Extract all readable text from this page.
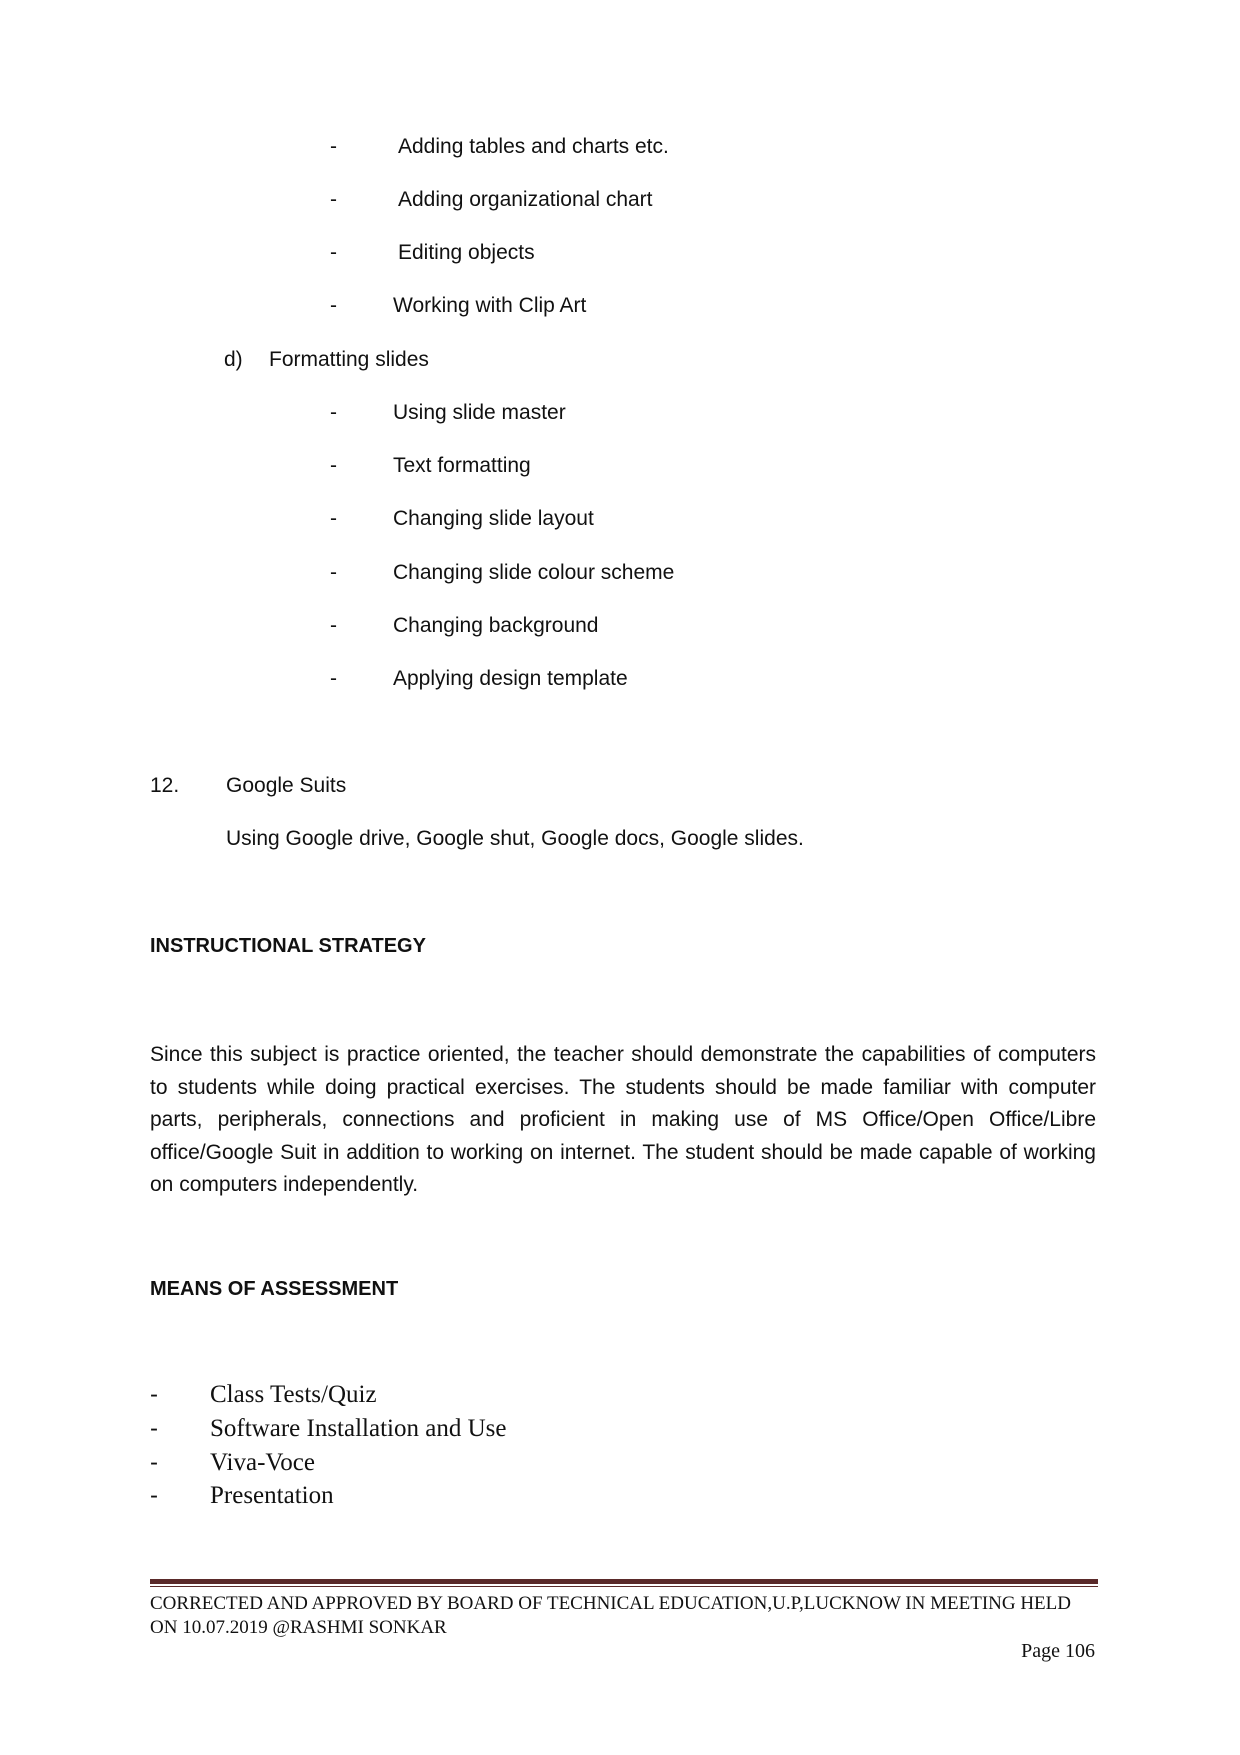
-	Adding tables and charts etc.
-	Adding organizational chart
-	Editing objects
-	Working with Clip Art
d) Formatting slides
-	Using slide master
-	Text formatting
-	Changing slide layout
-	Changing slide colour scheme
-	Changing background
-	Applying design template
12. Google Suits
Using Google drive, Google shut, Google docs, Google slides.
INSTRUCTIONAL STRATEGY
Since this subject is practice oriented, the teacher should demonstrate the capabilities of computers to students while doing practical exercises. The students should be made familiar with computer parts, peripherals, connections and proficient in making use of MS Office/Open Office/Libre office/Google Suit in addition to working on internet. The student should be made capable of working on computers independently.
MEANS OF ASSESSMENT
- Class Tests/Quiz
- Software Installation and Use
- Viva-Voce
- Presentation
CORRECTED AND APPROVED BY BOARD OF TECHNICAL EDUCATION,U.P,LUCKNOW IN MEETING HELD
ON 10.07.2019 @RASHMI SONKAR
Page 106
